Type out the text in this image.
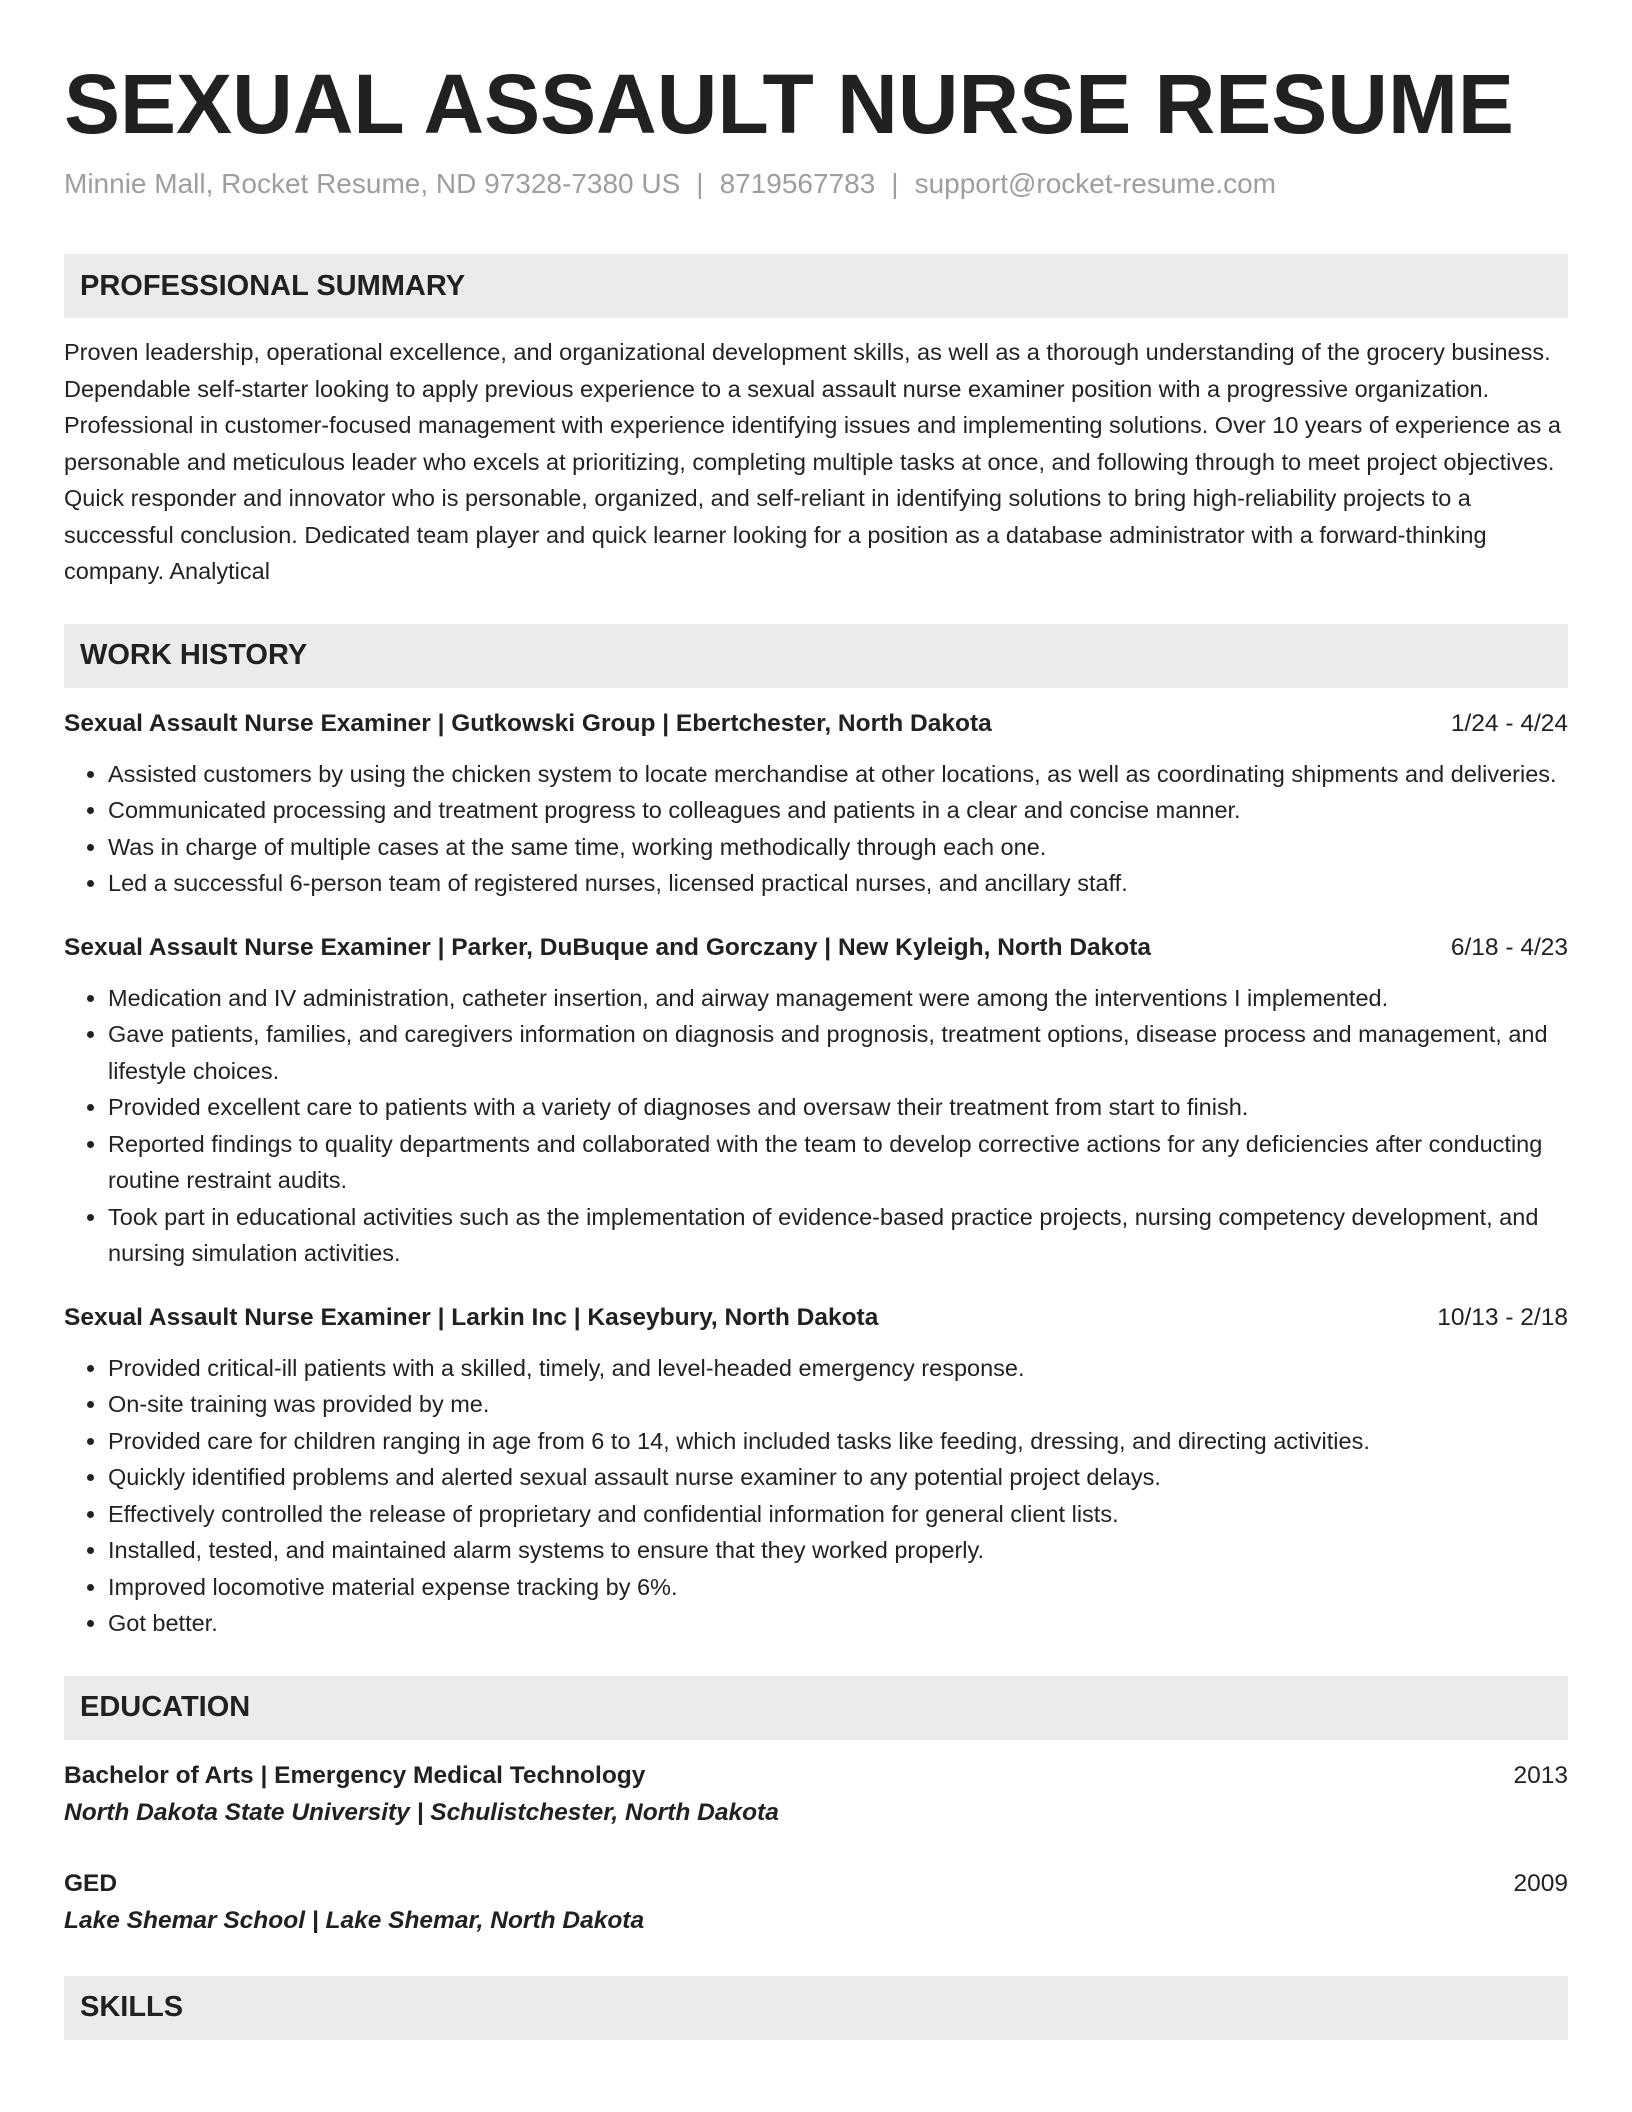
SEXUAL ASSAULT NURSE RESUME
Minnie Mall, Rocket Resume, ND 97328-7380 US | 8719567783 | support@rocket-resume.com
PROFESSIONAL SUMMARY
Proven leadership, operational excellence, and organizational development skills, as well as a thorough understanding of the grocery business. Dependable self-starter looking to apply previous experience to a sexual assault nurse examiner position with a progressive organization. Professional in customer-focused management with experience identifying issues and implementing solutions. Over 10 years of experience as a personable and meticulous leader who excels at prioritizing, completing multiple tasks at once, and following through to meet project objectives. Quick responder and innovator who is personable, organized, and self-reliant in identifying solutions to bring high-reliability projects to a successful conclusion. Dedicated team player and quick learner looking for a position as a database administrator with a forward-thinking company. Analytical
WORK HISTORY
Sexual Assault Nurse Examiner | Gutkowski Group | Ebertchester, North Dakota	1/24 - 4/24
• Assisted customers by using the chicken system to locate merchandise at other locations, as well as coordinating shipments and deliveries.
• Communicated processing and treatment progress to colleagues and patients in a clear and concise manner.
• Was in charge of multiple cases at the same time, working methodically through each one.
• Led a successful 6-person team of registered nurses, licensed practical nurses, and ancillary staff.
Sexual Assault Nurse Examiner | Parker, DuBuque and Gorczany | New Kyleigh, North Dakota	6/18 - 4/23
• Medication and IV administration, catheter insertion, and airway management were among the interventions I implemented.
• Gave patients, families, and caregivers information on diagnosis and prognosis, treatment options, disease process and management, and lifestyle choices.
• Provided excellent care to patients with a variety of diagnoses and oversaw their treatment from start to finish.
• Reported findings to quality departments and collaborated with the team to develop corrective actions for any deficiencies after conducting routine restraint audits.
• Took part in educational activities such as the implementation of evidence-based practice projects, nursing competency development, and nursing simulation activities.
Sexual Assault Nurse Examiner | Larkin Inc | Kaseybury, North Dakota	10/13 - 2/18
• Provided critical-ill patients with a skilled, timely, and level-headed emergency response.
• On-site training was provided by me.
• Provided care for children ranging in age from 6 to 14, which included tasks like feeding, dressing, and directing activities.
• Quickly identified problems and alerted sexual assault nurse examiner to any potential project delays.
• Effectively controlled the release of proprietary and confidential information for general client lists.
• Installed, tested, and maintained alarm systems to ensure that they worked properly.
• Improved locomotive material expense tracking by 6%.
• Got better.
EDUCATION
Bachelor of Arts | Emergency Medical Technology	2013
North Dakota State University | Schulistchester, North Dakota
GED	2009
Lake Shemar School | Lake Shemar, North Dakota
SKILLS
